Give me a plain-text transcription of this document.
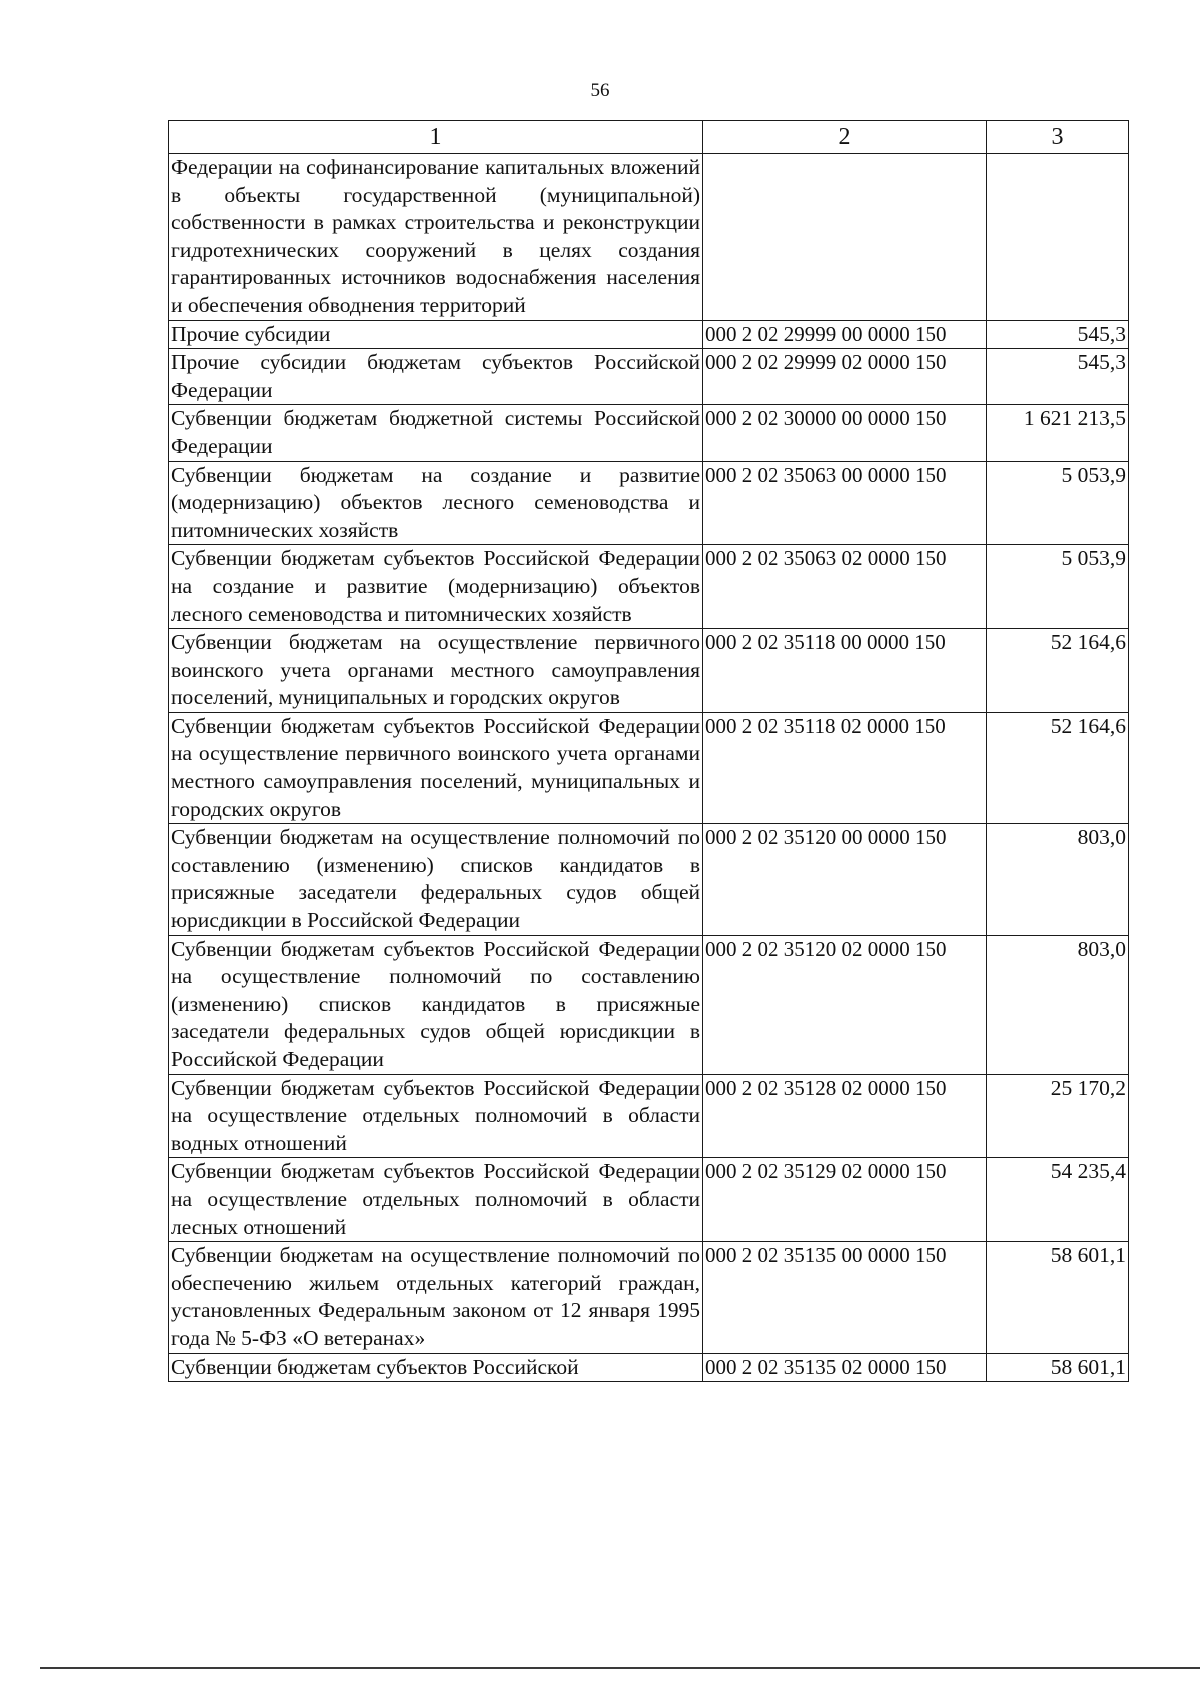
56
1	2	3
Федерации на софинансирование капитальных вложений в объекты государственной (муниципальной) собственности в рамках строительства и реконструкции гидротехнических сооружений в целях создания гарантированных источников водоснабжения населения и обеспечения обводнения территорий		
Прочие субсидии	000 2 02 29999 00 0000 150	545,3
Прочие субсидии бюджетам субъектов Российской Федерации	000 2 02 29999 02 0000 150	545,3
Субвенции бюджетам бюджетной системы Российской Федерации	000 2 02 30000 00 0000 150	1 621 213,5
Субвенции бюджетам на создание и развитие (модернизацию) объектов лесного семеноводства и питомнических хозяйств	000 2 02 35063 00 0000 150	5 053,9
Субвенции бюджетам субъектов Российской Федерации на создание и развитие (модернизацию) объектов лесного семеноводства и питомнических хозяйств	000 2 02 35063 02 0000 150	5 053,9
Субвенции бюджетам на осуществление первичного воинского учета органами местного самоуправления поселений, муниципальных и городских округов	000 2 02 35118 00 0000 150	52 164,6
Субвенции бюджетам субъектов Российской Федерации на осуществление первичного воинского учета органами местного самоуправления поселений, муниципальных и городских округов	000 2 02 35118 02 0000 150	52 164,6
Субвенции бюджетам на осуществление полномочий по составлению (изменению) списков кандидатов в присяжные заседатели федеральных судов общей юрисдикции в Российской Федерации	000 2 02 35120 00 0000 150	803,0
Субвенции бюджетам субъектов Российской Федерации на осуществление полномочий по составлению (изменению) списков кандидатов в присяжные заседатели федеральных судов общей юрисдикции в Российской Федерации	000 2 02 35120 02 0000 150	803,0
Субвенции бюджетам субъектов Российской Федерации на осуществление отдельных полномочий в области водных отношений	000 2 02 35128 02 0000 150	25 170,2
Субвенции бюджетам субъектов Российской Федерации на осуществление отдельных полномочий в области лесных отношений	000 2 02 35129 02 0000 150	54 235,4
Субвенции бюджетам на осуществление полномочий по обеспечению жильем отдельных категорий граждан, установленных Федеральным законом от 12 января 1995 года № 5-ФЗ «О ветеранах»	000 2 02 35135 00 0000 150	58 601,1
Субвенции бюджетам субъектов Российской	000 2 02 35135 02 0000 150	58 601,1
